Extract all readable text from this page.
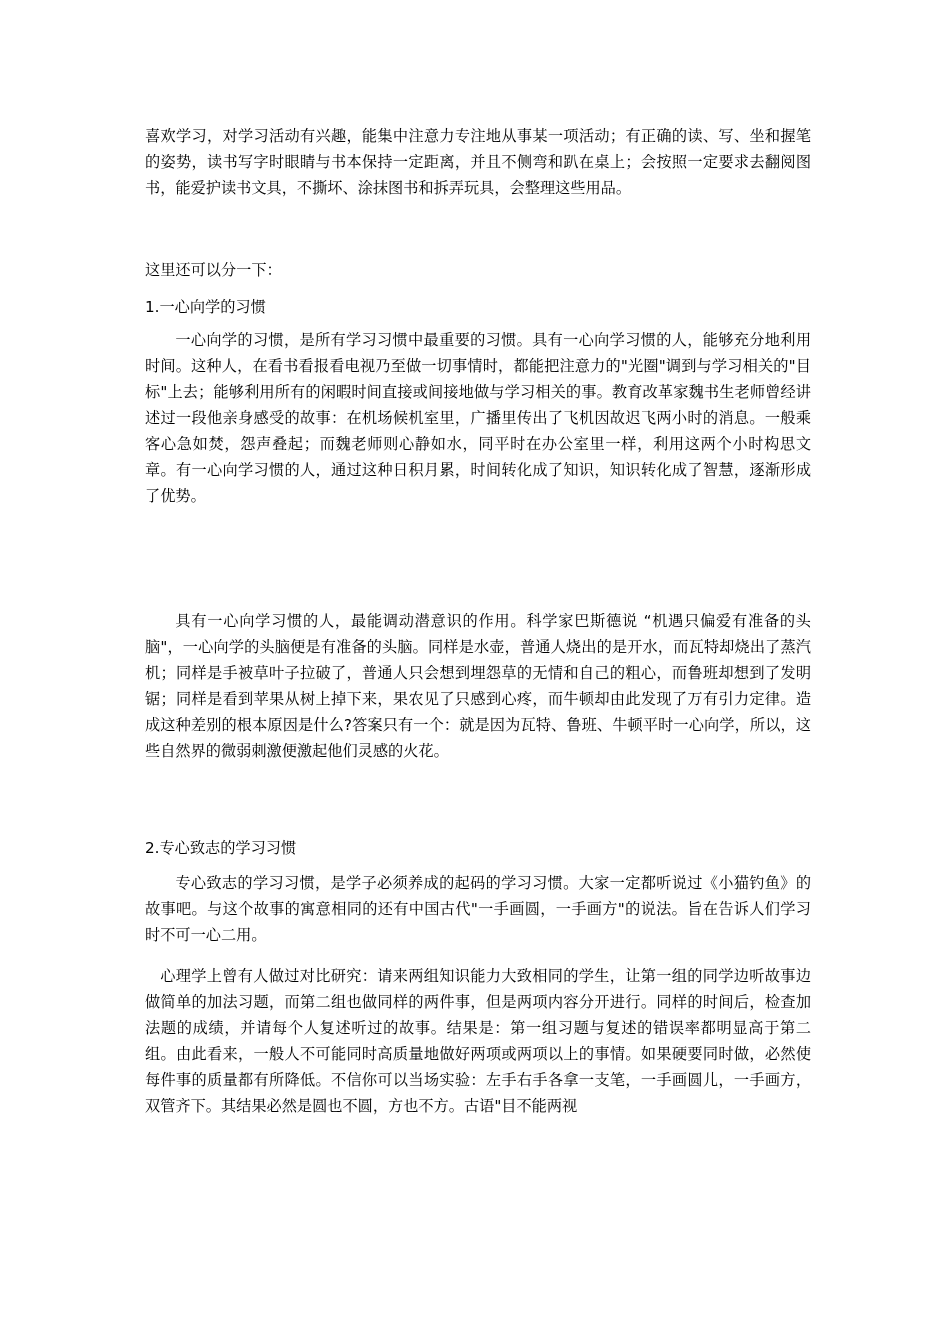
喜欢学习，对学习活动有兴趣，能集中注意力专注地从事某一项活动；有正确的读、写、坐和握笔的姿势，读书写字时眼睛与书本保持一定距离，并且不侧弯和趴在桌上；会按照一定要求去翻阅图书，能爱护读书文具，不撕坏、涂抹图书和拆弄玩具，会整理这些用品。

这里还可以分一下：

1.一心向学的习惯

一心向学的习惯，是所有学习习惯中最重要的习惯。具有一心向学习惯的人，能够充分地利用时间。这种人，在看书看报看电视乃至做一切事情时，都能把注意力的"光圈"调到与学习相关的"目标"上去；能够利用所有的闲暇时间直接或间接地做与学习相关的事。教育改革家魏书生老师曾经讲述过一段他亲身感受的故事：在机场候机室里，广播里传出了飞机因故迟飞两小时的消息。一般乘客心急如焚，怨声叠起；而魏老师则心静如水，同平时在办公室里一样，利用这两个小时构思文章。有一心向学习惯的人，通过这种日积月累，时间转化成了知识，知识转化成了智慧，逐渐形成了优势。

具有一心向学习惯的人，最能调动潜意识的作用。科学家巴斯德说 “机遇只偏爱有准备的头脑"，一心向学的头脑便是有准备的头脑。同样是水壶，普通人烧出的是开水，而瓦特却烧出了蒸汽机；同样是手被草叶子拉破了，普通人只会想到埋怨草的无情和自己的粗心，而鲁班却想到了发明锯；同样是看到苹果从树上掉下来，果农见了只感到心疼，而牛顿却由此发现了万有引力定律。造成这种差别的根本原因是什么?答案只有一个：就是因为瓦特、鲁班、牛顿平时一心向学，所以，这些自然界的微弱刺激便激起他们灵感的火花。

2.专心致志的学习习惯

专心致志的学习习惯，是学子必须养成的起码的学习习惯。大家一定都听说过《小猫钓鱼》的故事吧。与这个故事的寓意相同的还有中国古代"一手画圆，一手画方"的说法。旨在告诉人们学习时不可一心二用。

心理学上曾有人做过对比研究：请来两组知识能力大致相同的学生，让第一组的同学边听故事边做简单的加法习题，而第二组也做同样的两件事，但是两项内容分开进行。同样的时间后，检查加法题的成绩，并请每个人复述听过的故事。结果是：第一组习题与复述的错误率都明显高于第二组。由此看来，一般人不可能同时高质量地做好两项或两项以上的事情。如果硬要同时做，必然使每件事的质量都有所降低。不信你可以当场实验：左手右手各拿一支笔，一手画圆儿，一手画方，双管齐下。其结果必然是圆也不圆，方也不方。古语"目不能两视
